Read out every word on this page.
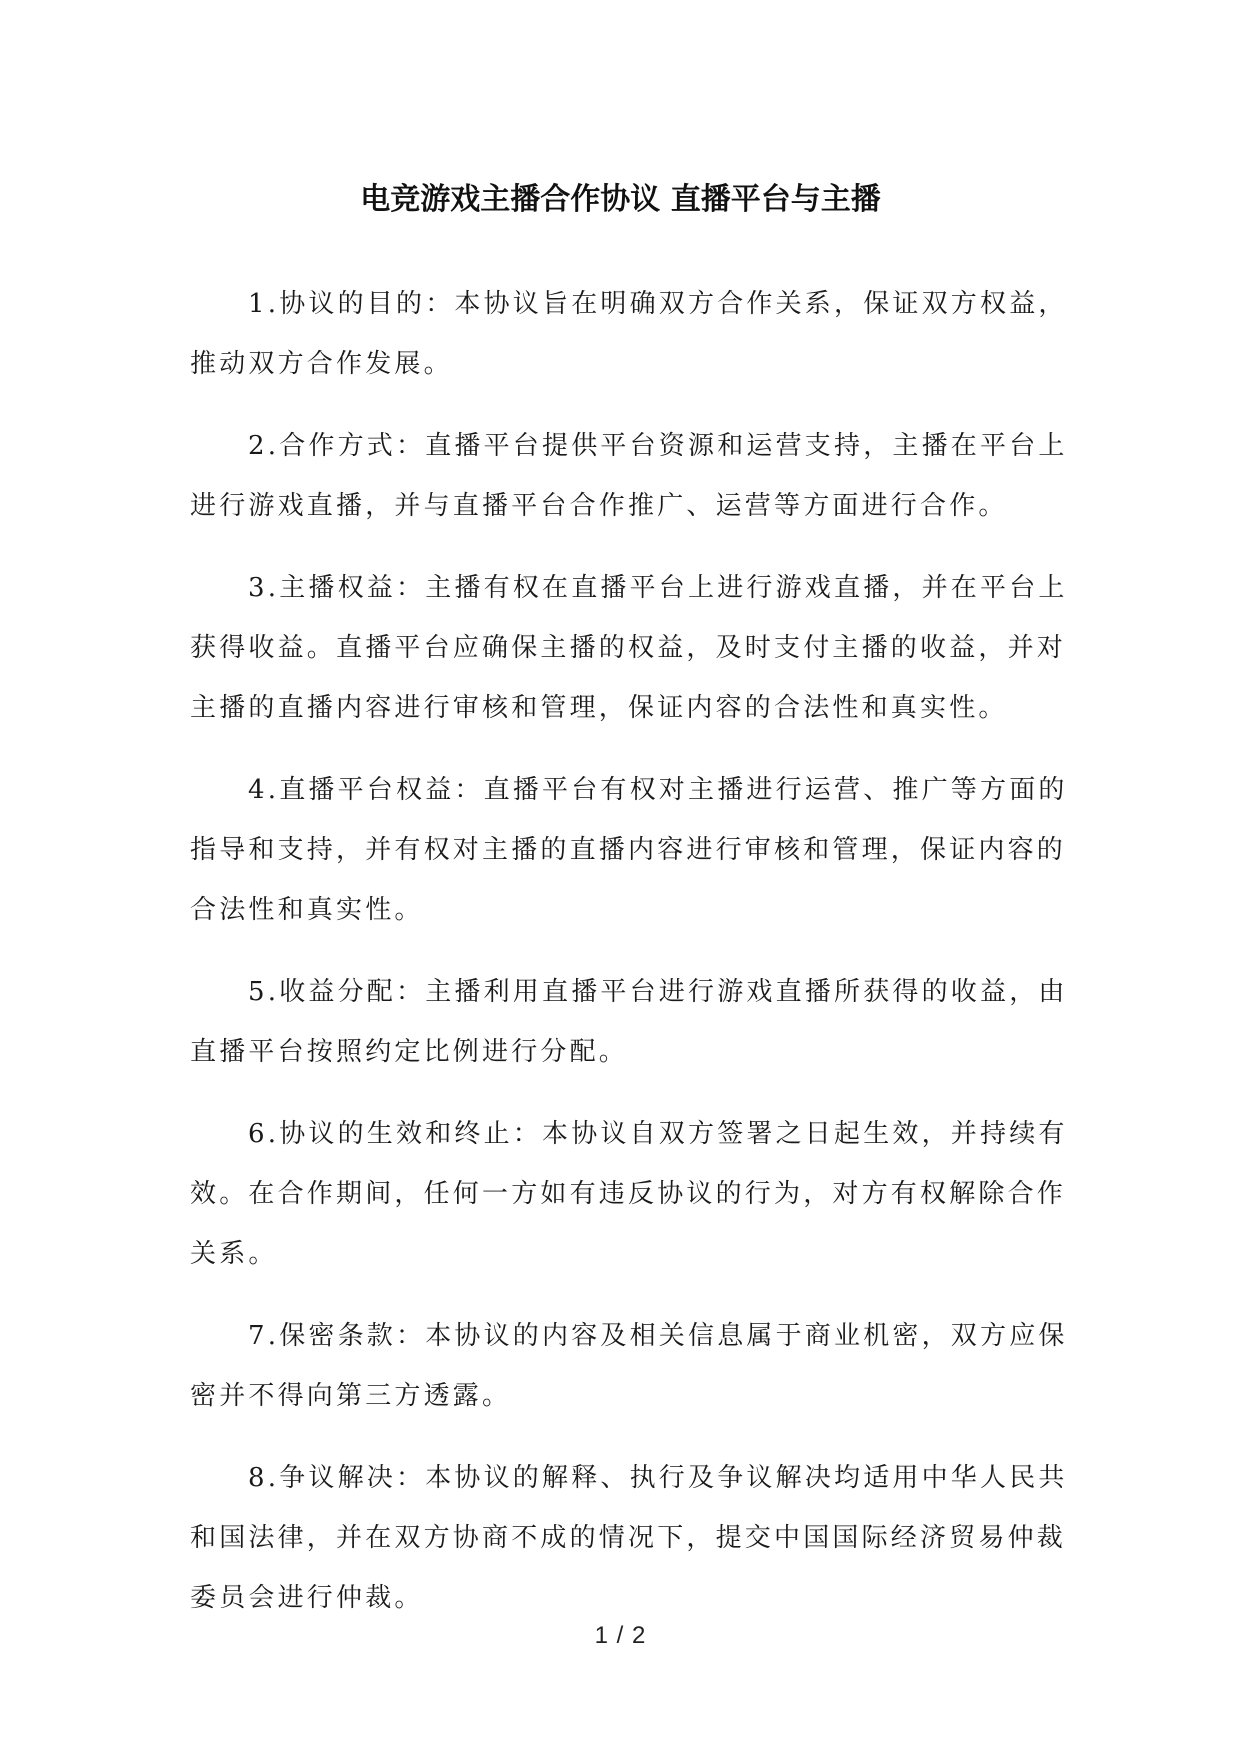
电竞游戏主播合作协议 直播平台与主播

1.协议的目的：本协议旨在明确双方合作关系，保证双方权益，推动双方合作发展。

2.合作方式：直播平台提供平台资源和运营支持，主播在平台上进行游戏直播，并与直播平台合作推广、运营等方面进行合作。

3.主播权益：主播有权在直播平台上进行游戏直播，并在平台上获得收益。直播平台应确保主播的权益，及时支付主播的收益，并对主播的直播内容进行审核和管理，保证内容的合法性和真实性。

4.直播平台权益：直播平台有权对主播进行运营、推广等方面的指导和支持，并有权对主播的直播内容进行审核和管理，保证内容的合法性和真实性。

5.收益分配：主播利用直播平台进行游戏直播所获得的收益，由直播平台按照约定比例进行分配。

6.协议的生效和终止：本协议自双方签署之日起生效，并持续有效。在合作期间，任何一方如有违反协议的行为，对方有权解除合作关系。

7.保密条款：本协议的内容及相关信息属于商业机密，双方应保密并不得向第三方透露。

8.争议解决：本协议的解释、执行及争议解决均适用中华人民共和国法律，并在双方协商不成的情况下，提交中国国际经济贸易仲裁委员会进行仲裁。

1 / 2
